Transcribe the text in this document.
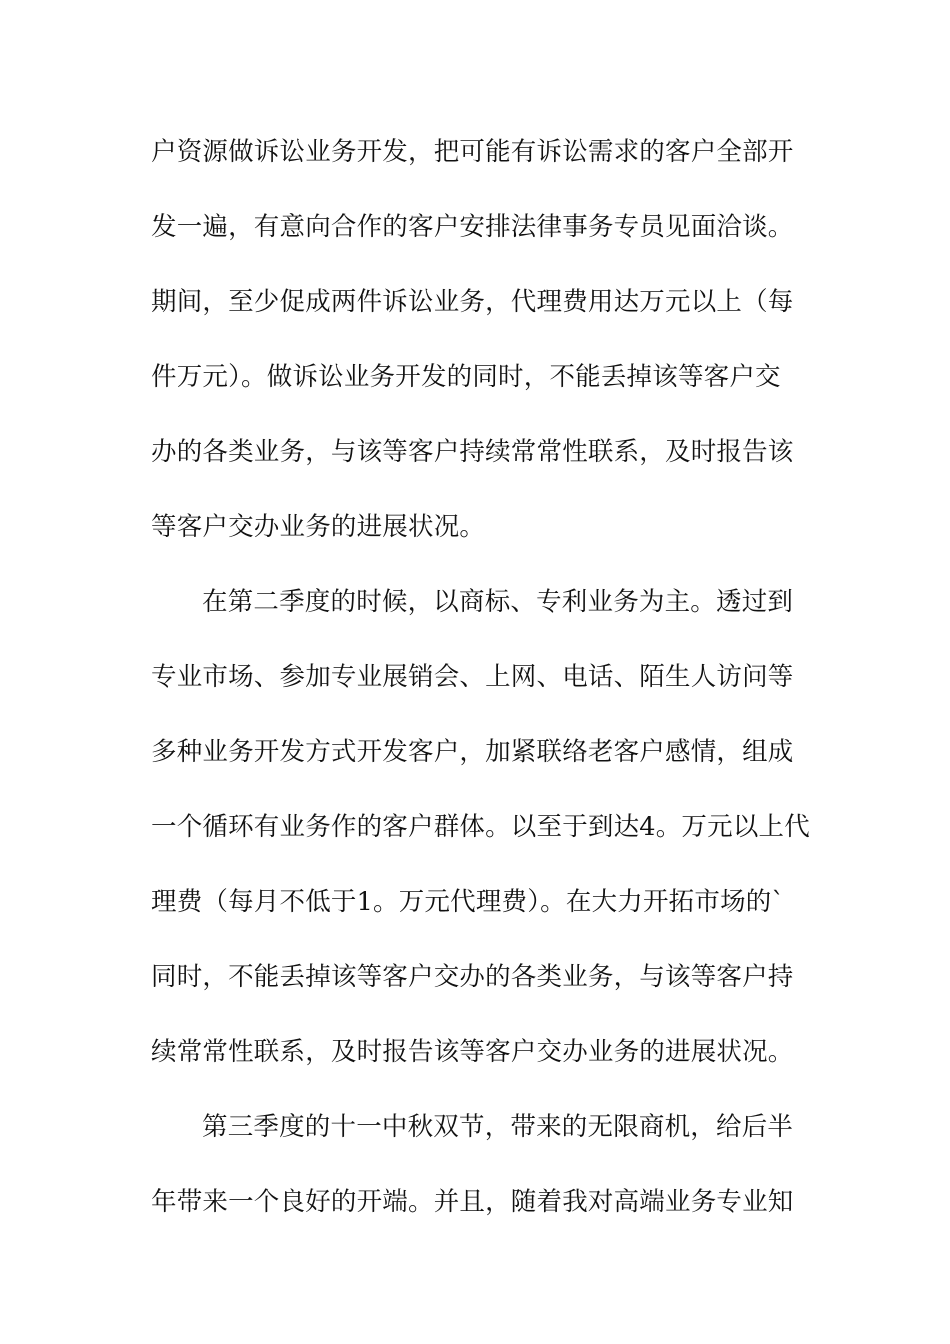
户资源做诉讼业务开发，把可能有诉讼需求的客户全部开
发一遍，有意向合作的客户安排法律事务专员见面洽谈。
期间，至少促成两件诉讼业务，代理费用达万元以上（每
件万元）。做诉讼业务开发的同时，不能丢掉该等客户交
办的各类业务，与该等客户持续常常性联系，及时报告该
等客户交办业务的进展状况。
在第二季度的时候，以商标、专利业务为主。透过到
专业市场、参加专业展销会、上网、电话、陌生人访问等
多种业务开发方式开发客户，加紧联络老客户感情，组成
一个循环有业务作的客户群体。以至于到达4。万元以上代
理费（每月不低于1。万元代理费）。在大力开拓市场的`
同时，不能丢掉该等客户交办的各类业务，与该等客户持
续常常性联系，及时报告该等客户交办业务的进展状况。
第三季度的十一中秋双节，带来的无限商机，给后半
年带来一个良好的开端。并且，随着我对高端业务专业知
